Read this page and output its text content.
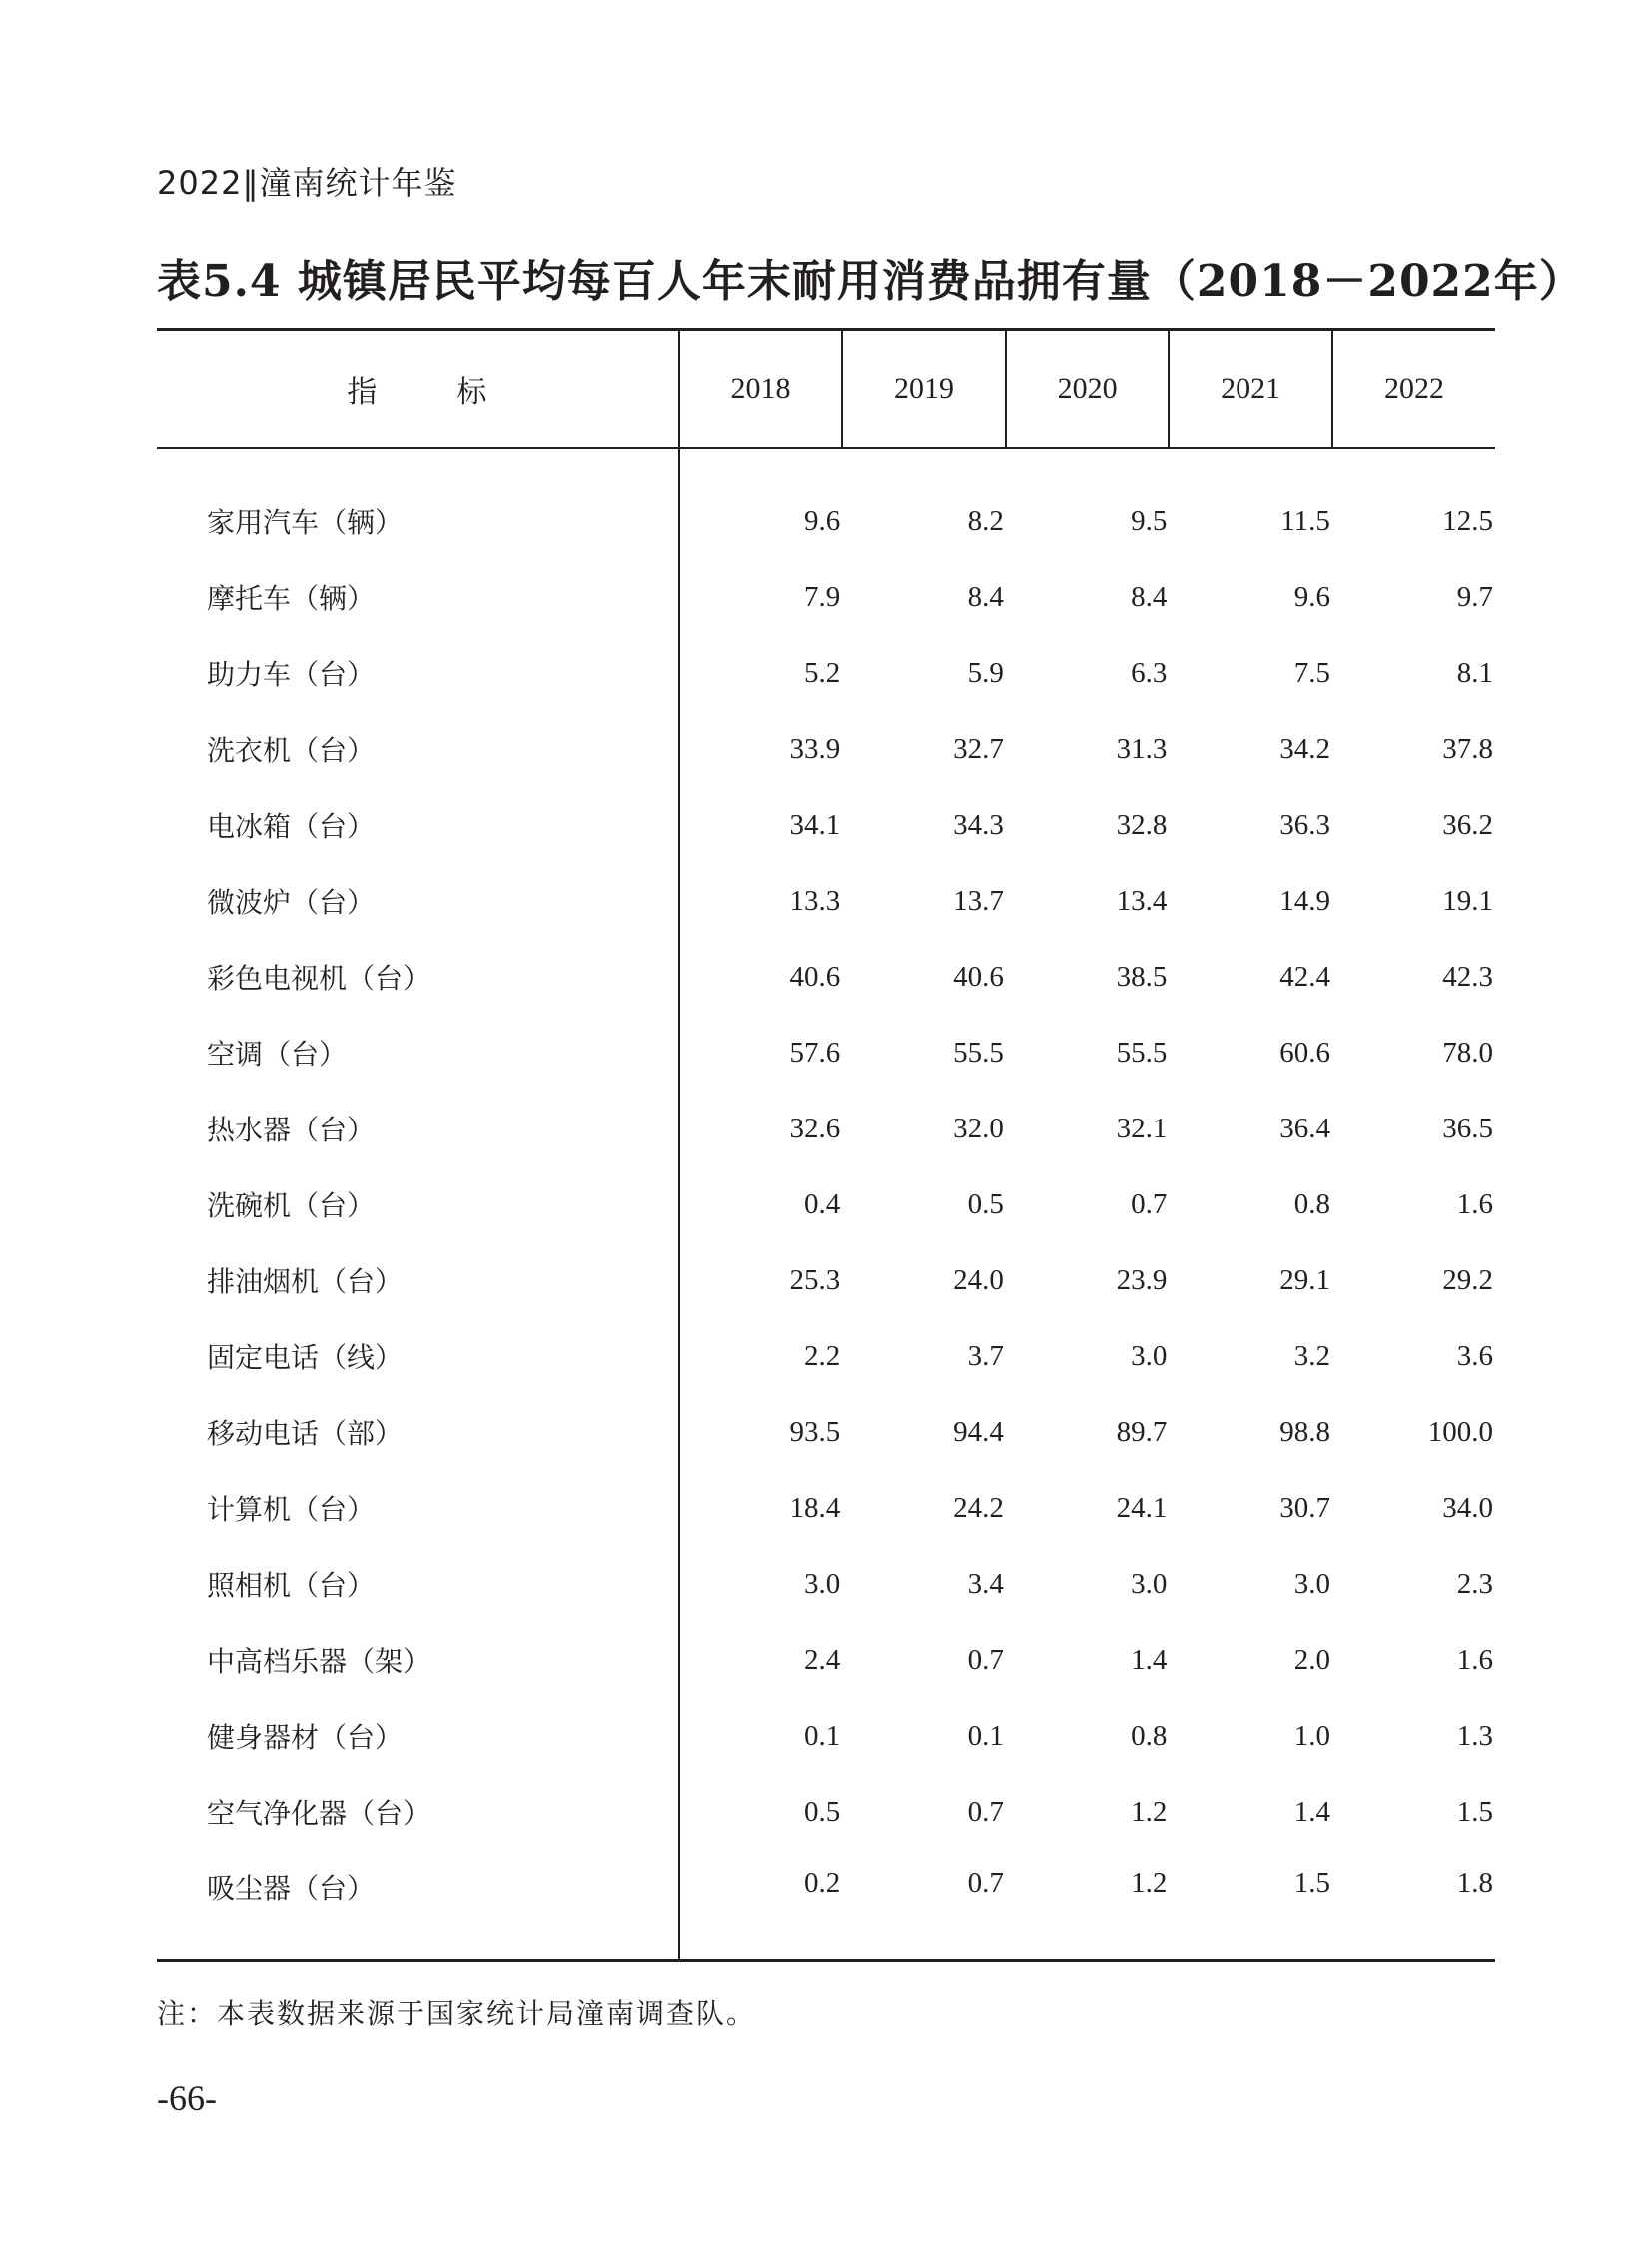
2022‖潼南统计年鉴
表5.4 城镇居民平均每百人年末耐用消费品拥有量（2018－2022年）
指标	2018	2019	2020	2021	2022

家用汽车（辆）	9.6	8.2	9.5	11.5	12.5
摩托车（辆）	7.9	8.4	8.4	9.6	9.7
助力车（台）	5.2	5.9	6.3	7.5	8.1
洗衣机（台）	33.9	32.7	31.3	34.2	37.8
电冰箱（台）	34.1	34.3	32.8	36.3	36.2
微波炉（台）	13.3	13.7	13.4	14.9	19.1
彩色电视机（台）	40.6	40.6	38.5	42.4	42.3
空调（台）	57.6	55.5	55.5	60.6	78.0
热水器（台）	32.6	32.0	32.1	36.4	36.5
洗碗机（台）	0.4	0.5	0.7	0.8	1.6
排油烟机（台）	25.3	24.0	23.9	29.1	29.2
固定电话（线）	2.2	3.7	3.0	3.2	3.6
移动电话（部）	93.5	94.4	89.7	98.8	100.0
计算机（台）	18.4	24.2	24.1	30.7	34.0
照相机（台）	3.0	3.4	3.0	3.0	2.3
中高档乐器（架）	2.4	0.7	1.4	2.0	1.6
健身器材（台）	0.1	0.1	0.8	1.0	1.3
空气净化器（台）	0.5	0.7	1.2	1.4	1.5
吸尘器（台）	0.2	0.7	1.2	1.5	1.8
注：本表数据来源于国家统计局潼南调查队。
-66-
